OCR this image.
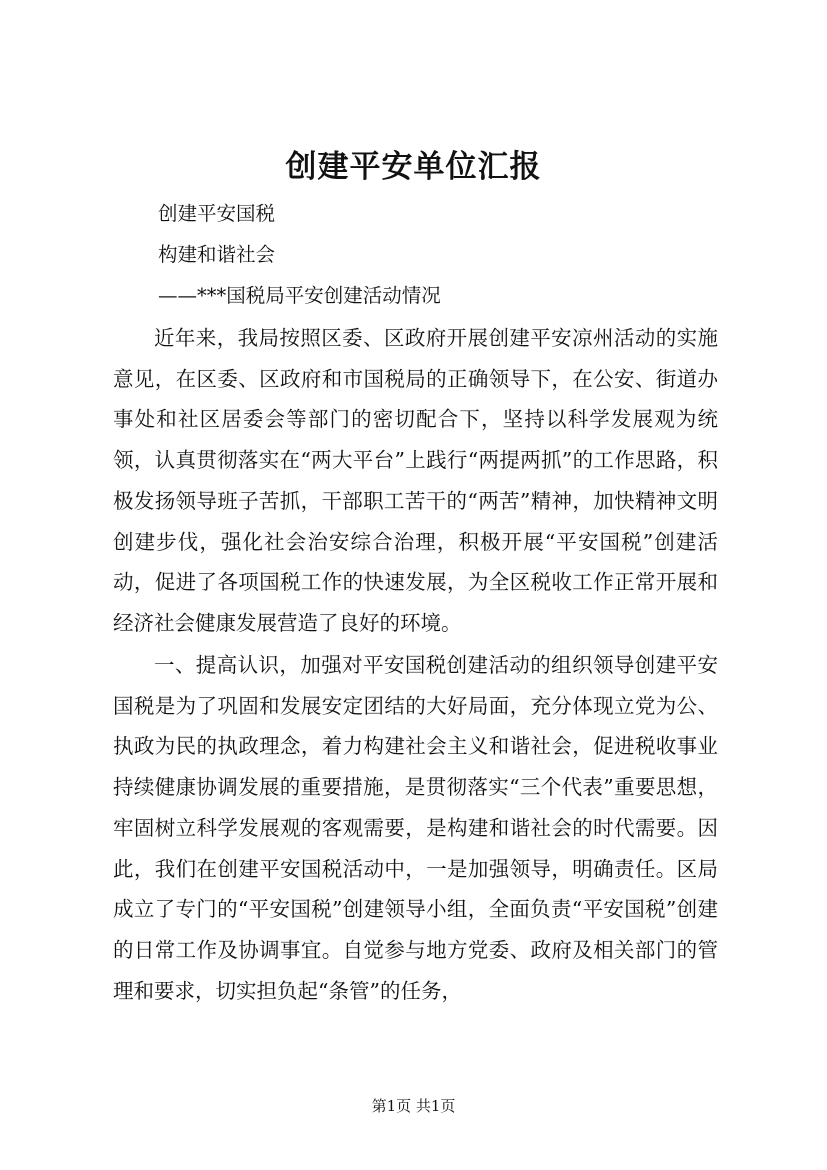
创建平安单位汇报
创建平安国税
构建和谐社会
——***国税局平安创建活动情况

近年来，我局按照区委、区政府开展创建平安凉州活动的实施意见，在区委、区政府和市国税局的正确领导下，在公安、街道办事处和社区居委会等部门的密切配合下，坚持以科学发展观为统领，认真贯彻落实在“两大平台”上践行“两提两抓”的工作思路，积极发扬领导班子苦抓，干部职工苦干的“两苦”精神，加快精神文明创建步伐，强化社会治安综合治理，积极开展“平安国税”创建活动，促进了各项国税工作的快速发展，为全区税收工作正常开展和经济社会健康发展营造了良好的环境。

一、提高认识，加强对平安国税创建活动的组织领导创建平安国税是为了巩固和发展安定团结的大好局面，充分体现立党为公、执政为民的执政理念，着力构建社会主义和谐社会，促进税收事业持续健康协调发展的重要措施，是贯彻落实“三个代表”重要思想，牢固树立科学发展观的客观需要，是构建和谐社会的时代需要。因此，我们在创建平安国税活动中，一是加强领导，明确责任。区局成立了专门的“平安国税”创建领导小组，全面负责“平安国税”创建的日常工作及协调事宜。自觉参与地方党委、政府及相关部门的管理和要求，切实担负起“条管”的任务，

第1页 共1页
